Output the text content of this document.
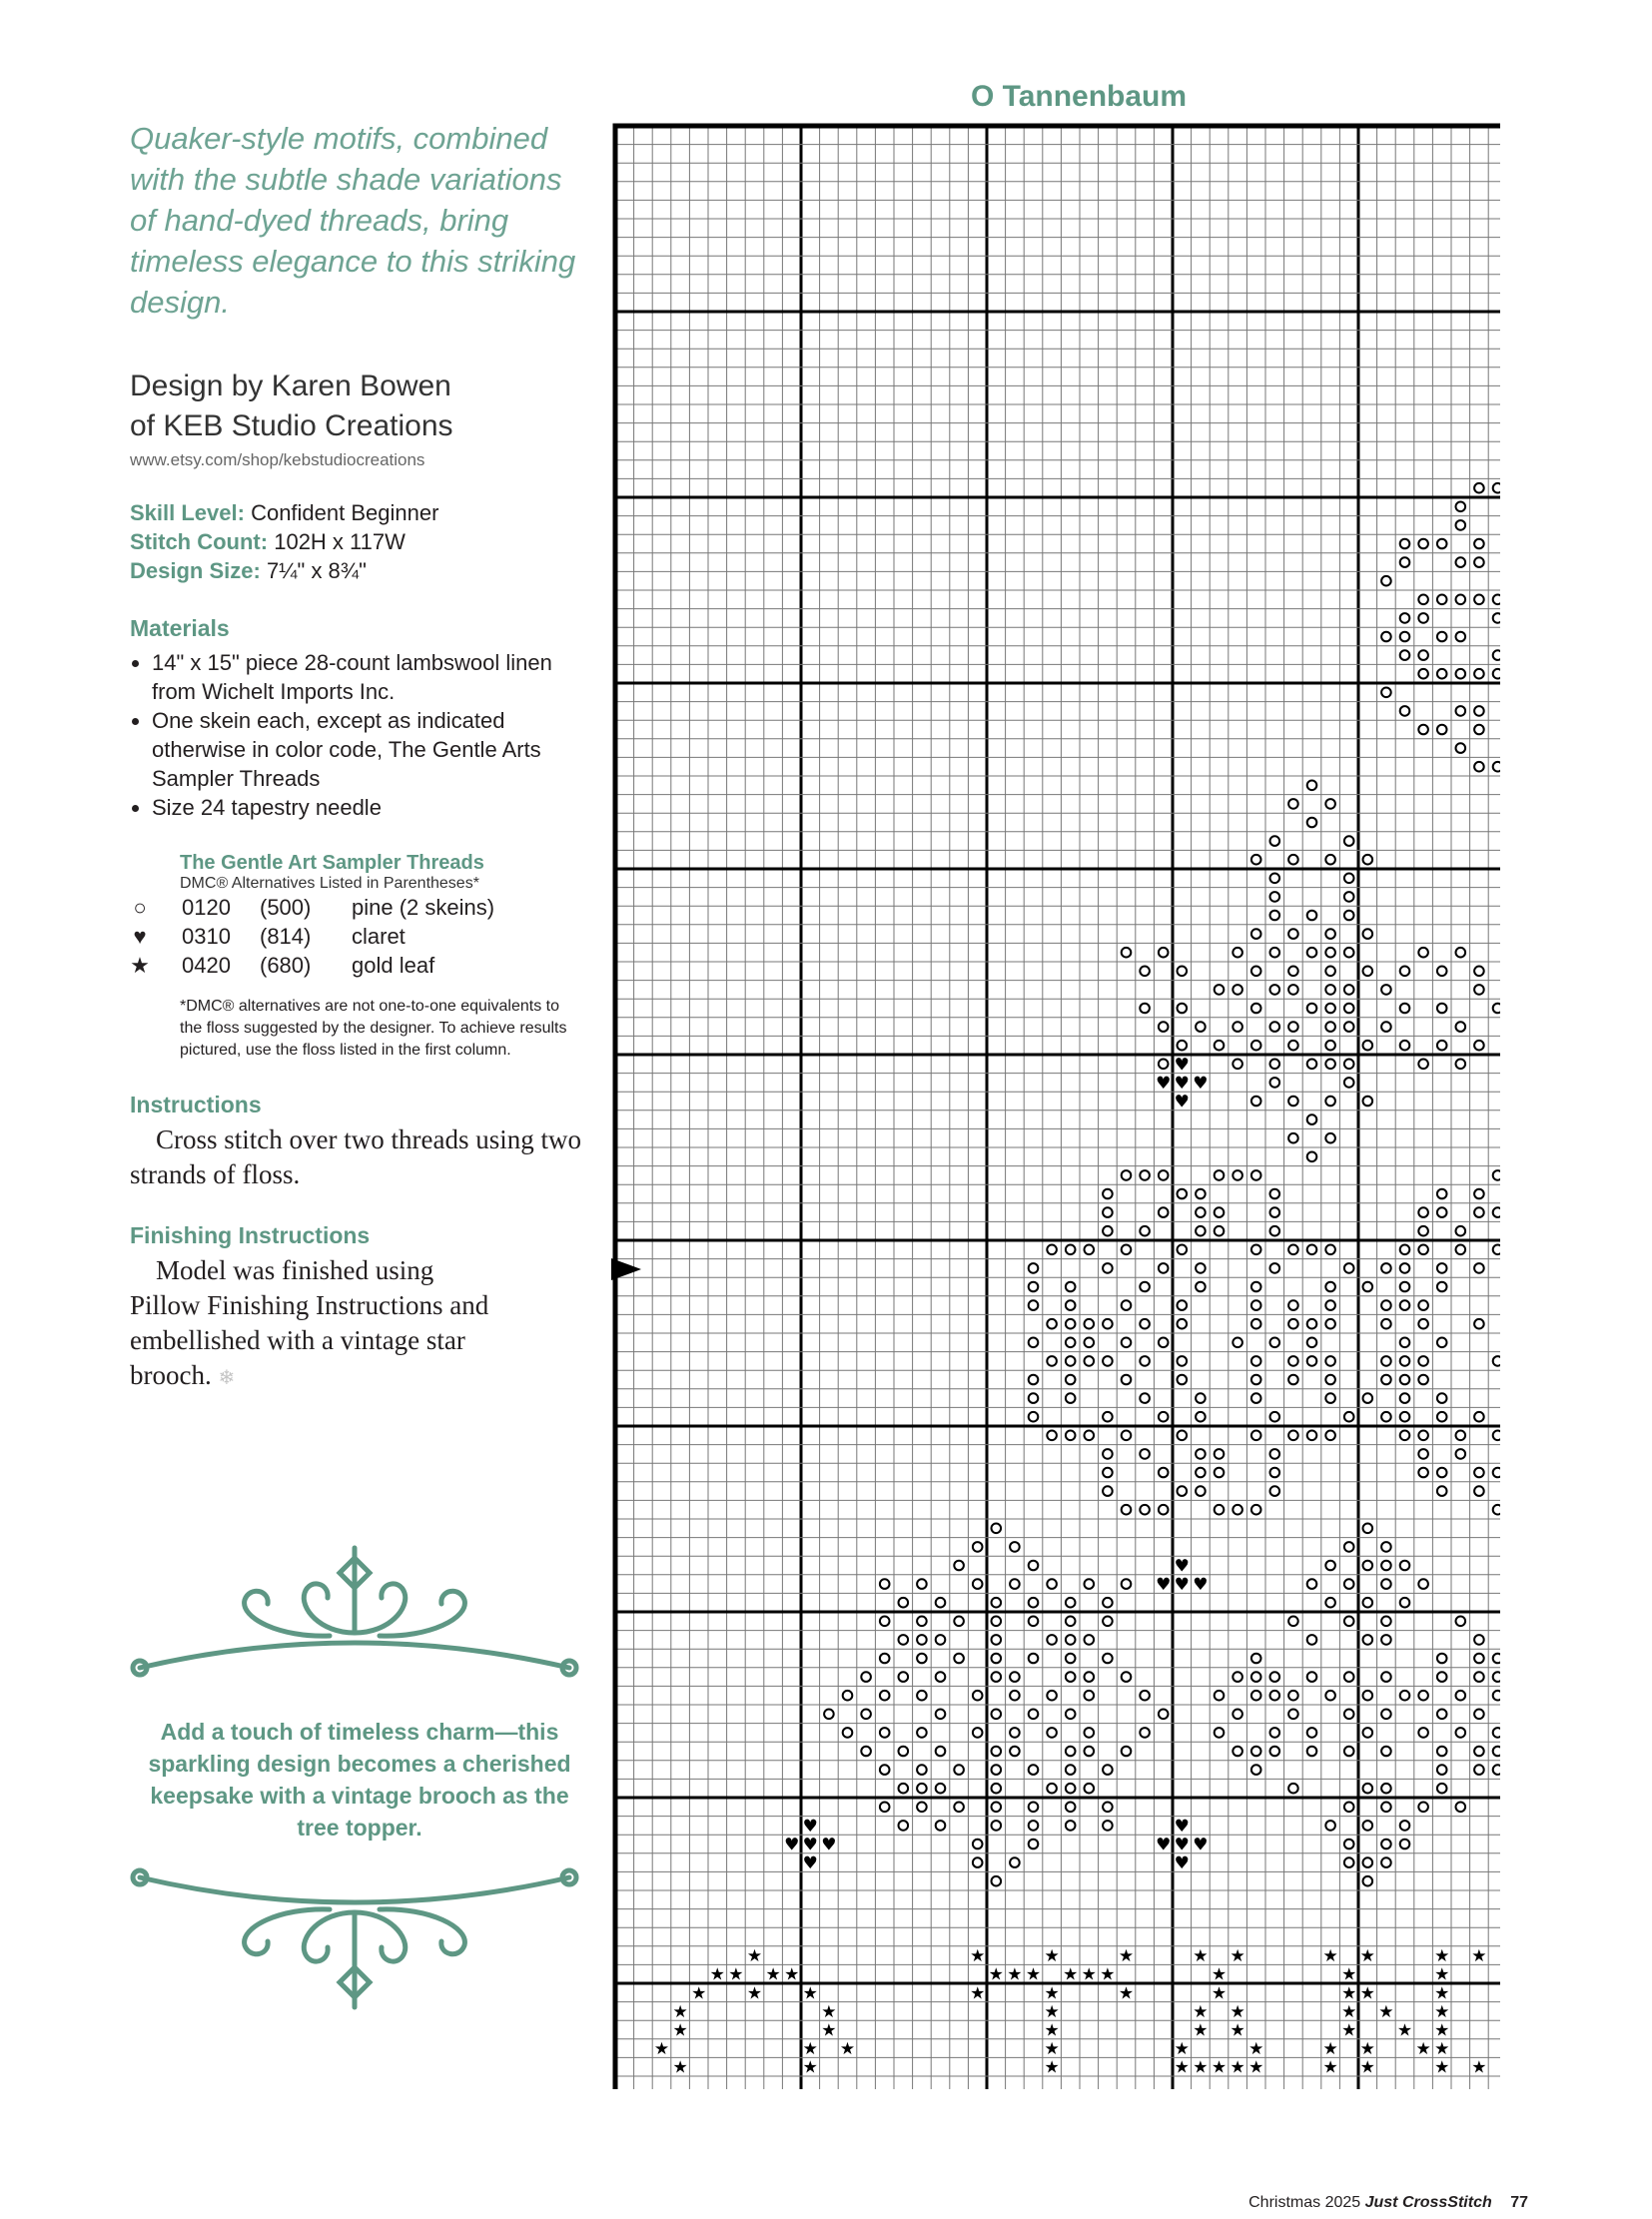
Quaker-style motifs, combined with the subtle shade variations of hand-dyed threads, bring timeless elegance to this striking design.

Design by Karen Bowen
of KEB Studio Creations
www.etsy.com/shop/kebstudiocreations
Skill Level: Confident Beginner
Stitch Count: 102H x 117W
Design Size: 7¼" x 8¾"
Materials
• 14" x 15" piece 28-count lambswool linen from Wichelt Imports Inc.
• One skein each, except as indicated otherwise in color code, The Gentle Arts Sampler Threads
• Size 24 tapestry needle
The Gentle Art Sampler Threads
DMC® Alternatives Listed in Parentheses*
○ 0120 (500) pine (2 skeins)
♥ 0310 (814) claret
★ 0420 (680) gold leaf
*DMC® alternatives are not one-to-one equivalents to the floss suggested by the designer. To achieve results pictured, use the floss listed in the first column.
Instructions

Cross stitch over two threads using two strands of floss.

Finishing Instructions

Model was finished using Pillow Finishing Instructions and embellished with a vintage star brooch. ❄

Add a touch of timeless charm—this sparkling design becomes a cherished keepsake with a vintage brooch as the tree topper.
O Tannenbaum
♥
♥ ♥ ♥
♥
♥
♥ ♥ ♥
♥	♥
♥ ♥ ♥	♥ ♥ ♥
♥	♥
★	★	★	★	★ ★	★ ★	★ ★
★ ★ ★ ★	★ ★ ★ ★ ★ ★	★	★	★
★ ★ ★	★	★	★	★	★ ★	★
★	★	★	★ ★	★ ★ ★
★	★	★	★ ★	★ ★ ★
★	★ ★	★	★	★	★ ★ ★ ★
★	★	★	★ ★ ★ ★ ★	★ ★	★ ★
Christmas 2025 Just CrossStitch 77
